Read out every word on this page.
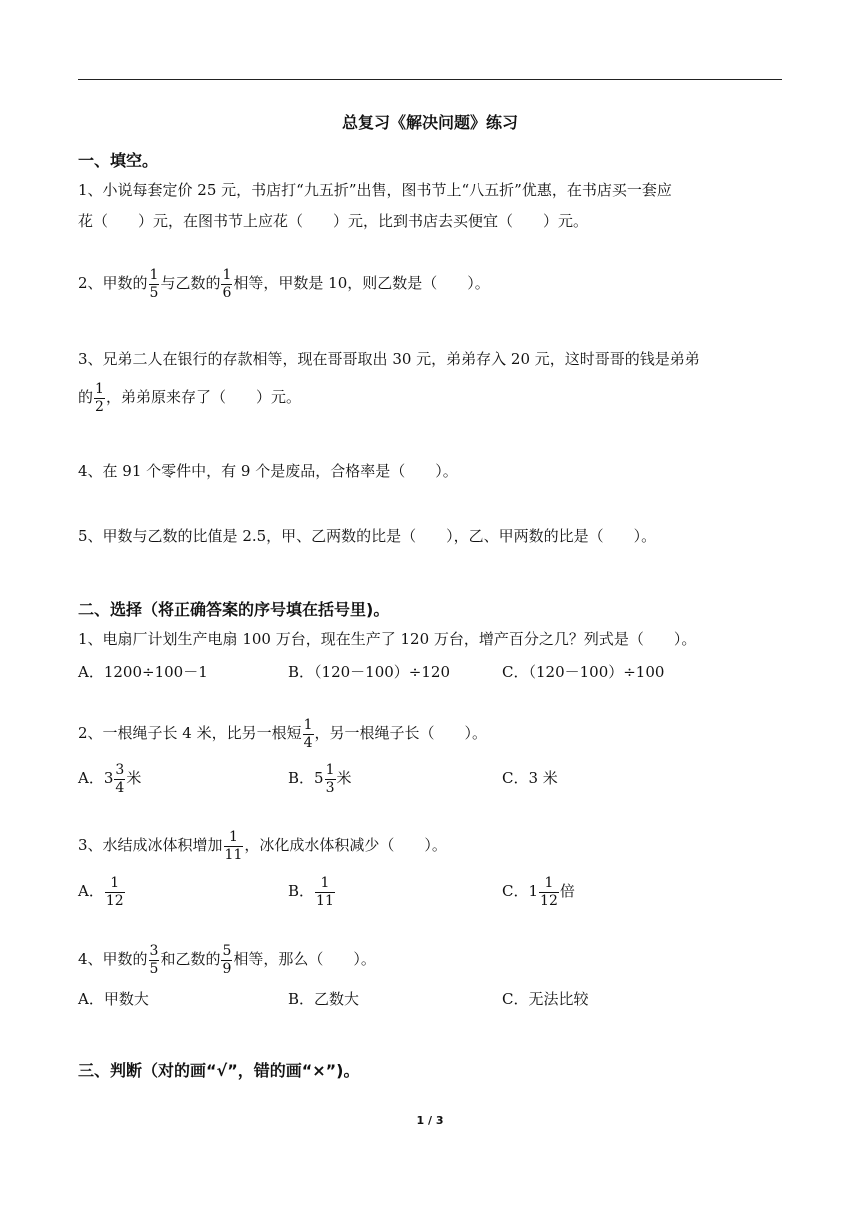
总复习《解决问题》练习
一、填空。
1、小说每套定价 25 元，书店打“九五折”出售，图书节上“八五折”优惠，在书店买一套应
花（　　）元，在图书节上应花（　　）元，比到书店去买便宜（　　）元。
2、甲数的 $\frac{1}{5}$ 与乙数的 $\frac{1}{6}$ 相等，甲数是 10，则乙数是（　　）。
3、兄弟二人在银行的存款相等，现在哥哥取出 30 元，弟弟存入 20 元，这时哥哥的钱是弟弟
的 $\frac{1}{2}$ ，弟弟原来存了（　　）元。
4、在 91 个零件中，有 9 个是废品，合格率是（　　）。
5、甲数与乙数的比值是 2.5，甲、乙两数的比是（　　），乙、甲两数的比是（　　）。
二、选择（将正确答案的序号填在括号里)。
1、电扇厂计划生产电扇 100 万台，现在生产了 120 万台，增产百分之几？列式是（　　）。
A．1200÷100－1	B．（120－100）÷120	C．（120－100）÷100
2、一根绳子长 4 米，比另一根短 $\frac{1}{4}$ ，另一根绳子长（　　）。
A．$3 \frac{3}{4}$ 米	B．$5 \frac{1}{3}$ 米	C．3 米
3、水结成冰体积增加 $\frac{1}{11}$ ，冰化成水体积减少（　　）。
A． $\frac{1}{12}$	B． $\frac{1}{11}$	C．$1 \frac{1}{12}$ 倍
4、甲数的 $\frac{3}{5}$ 和乙数的 $\frac{5}{9}$ 相等，那么（　　）。
A．甲数大	B．乙数大	C．无法比较
三、判断（对的画“√”，错的画“×”)。
1 / 3
